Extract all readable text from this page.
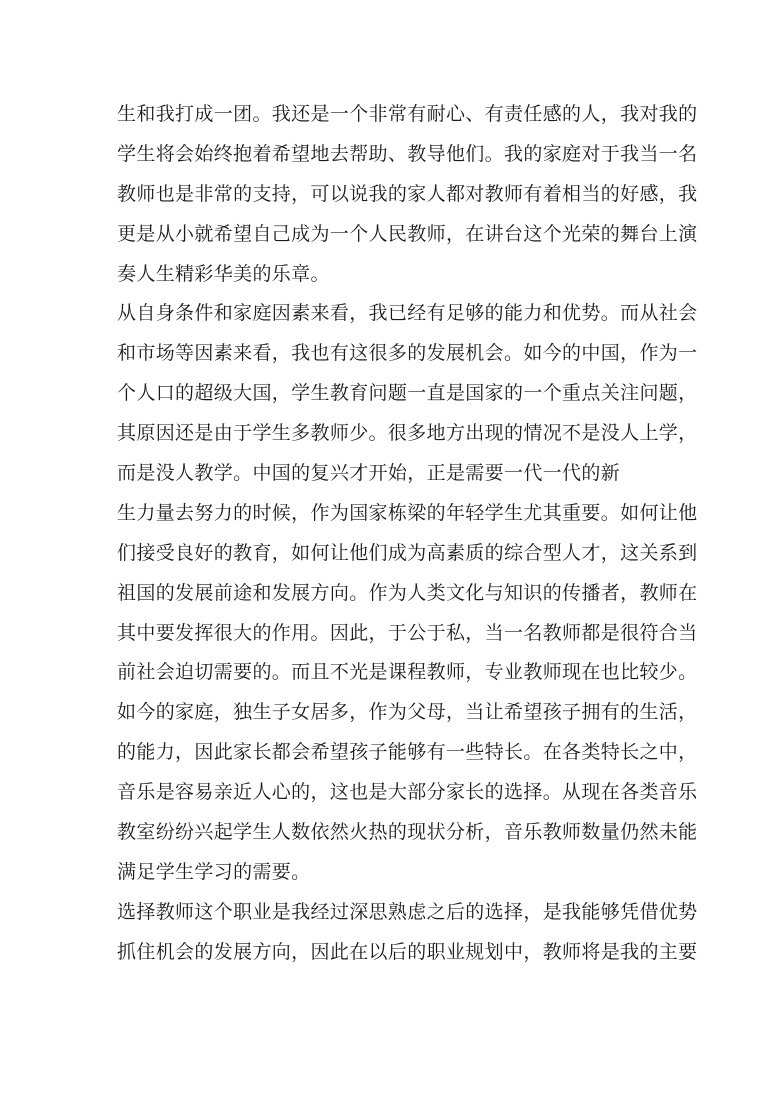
生和我打成一团。我还是一个非常有耐心、有责任感的人，我对我的
学生将会始终抱着希望地去帮助、教导他们。我的家庭对于我当一名
教师也是非常的支持，可以说我的家人都对教师有着相当的好感，我
更是从小就希望自己成为一个人民教师，在讲台这个光荣的舞台上演
奏人生精彩华美的乐章。
从自身条件和家庭因素来看，我已经有足够的能力和优势。而从社会
和市场等因素来看，我也有这很多的发展机会。如今的中国，作为一
个人口的超级大国，学生教育问题一直是国家的一个重点关注问题，
其原因还是由于学生多教师少。很多地方出现的情况不是没人上学，
而是没人教学。中国的复兴才开始，正是需要一代一代的新
生力量去努力的时候，作为国家栋梁的年轻学生尤其重要。如何让他
们接受良好的教育，如何让他们成为高素质的综合型人才，这关系到
祖国的发展前途和发展方向。作为人类文化与知识的传播者，教师在
其中要发挥很大的作用。因此，于公于私，当一名教师都是很符合当
前社会迫切需要的。而且不光是课程教师，专业教师现在也比较少。
如今的家庭，独生子女居多，作为父母，当让希望孩子拥有的生活，
的能力，因此家长都会希望孩子能够有一些特长。在各类特长之中，
音乐是容易亲近人心的，这也是大部分家长的选择。从现在各类音乐
教室纷纷兴起学生人数依然火热的现状分析，音乐教师数量仍然未能
满足学生学习的需要。
选择教师这个职业是我经过深思熟虑之后的选择，是我能够凭借优势
抓住机会的发展方向，因此在以后的职业规划中，教师将是我的主要
